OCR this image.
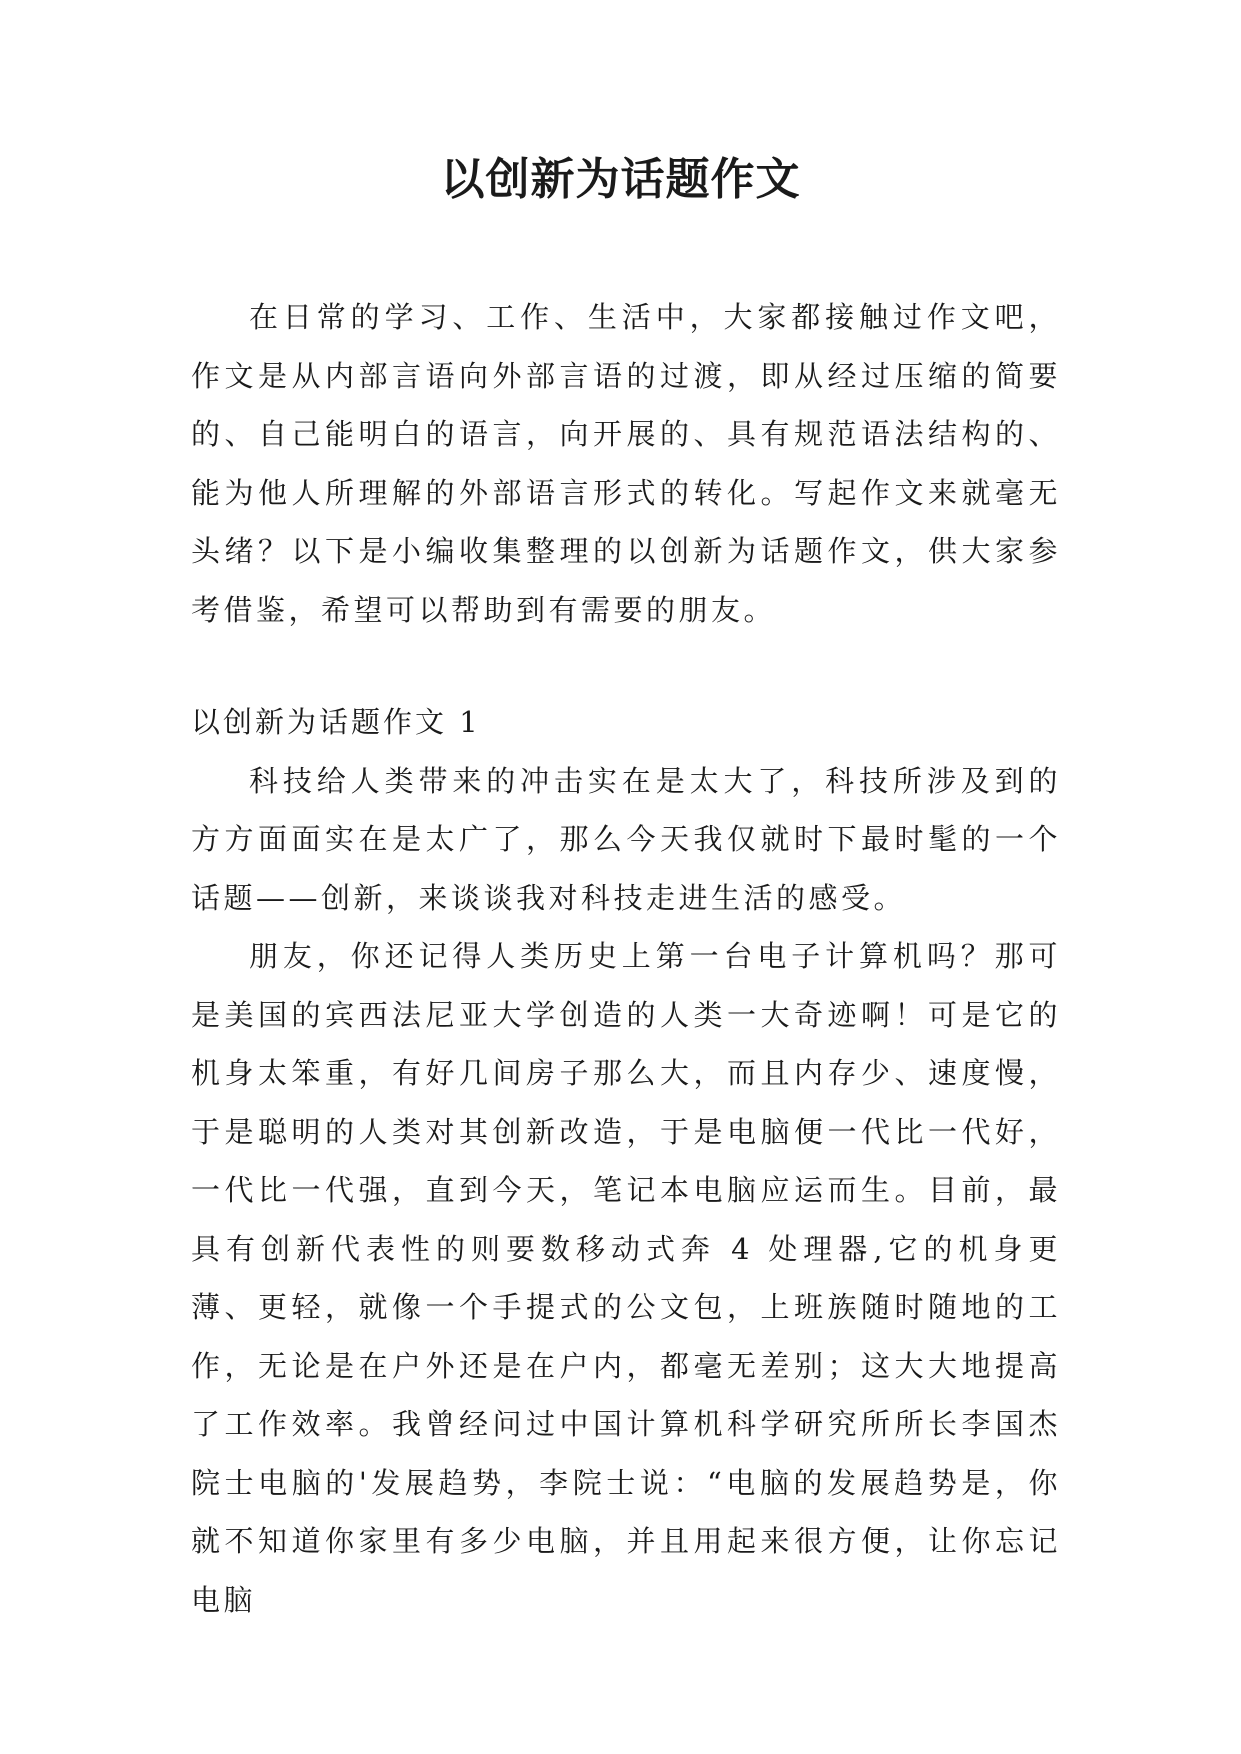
以创新为话题作文

在日常的学习、工作、生活中，大家都接触过作文吧，作文是从内部言语向外部言语的过渡，即从经过压缩的简要的、自己能明白的语言，向开展的、具有规范语法结构的、能为他人所理解的外部语言形式的转化。写起作文来就毫无头绪？以下是小编收集整理的以创新为话题作文，供大家参考借鉴，希望可以帮助到有需要的朋友。

以创新为话题作文 1

科技给人类带来的冲击实在是太大了，科技所涉及到的方方面面实在是太广了，那么今天我仅就时下最时髦的一个话题——创新，来谈谈我对科技走进生活的感受。

朋友，你还记得人类历史上第一台电子计算机吗？那可是美国的宾西法尼亚大学创造的人类一大奇迹啊！可是它的机身太笨重，有好几间房子那么大，而且内存少、速度慢，于是聪明的人类对其创新改造，于是电脑便一代比一代好，一代比一代强，直到今天，笔记本电脑应运而生。目前，最具有创新代表性的则要数移动式奔 4 处理器,它的机身更薄、更轻，就像一个手提式的公文包，上班族随时随地的工作，无论是在户外还是在户内，都毫无差别；这大大地提高了工作效率。我曾经问过中国计算机科学研究所所长李国杰院士电脑的'发展趋势，李院士说：“电脑的发展趋势是，你就不知道你家里有多少电脑，并且用起来很方便，让你忘记电脑
